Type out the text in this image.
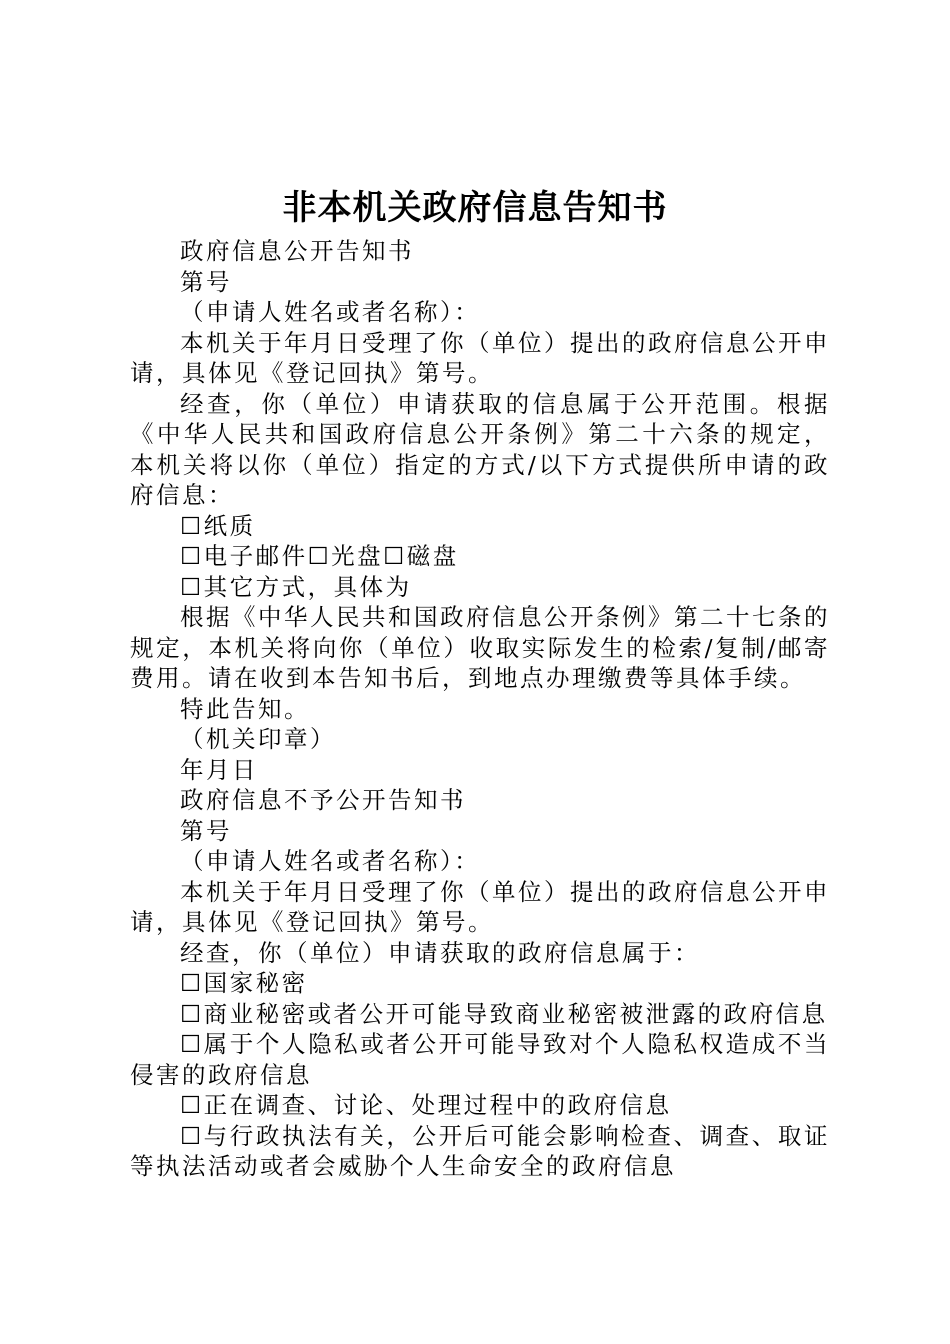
非本机关政府信息告知书

政府信息公开告知书

第号

（申请人姓名或者名称）：

本机关于年月日受理了你（单位）提出的政府信息公开申请，具体见《登记回执》第号。

经查，你（单位）申请获取的信息属于公开范围。根据《中华人民共和国政府信息公开条例》第二十六条的规定，本机关将以你（单位）指定的方式/以下方式提供所申请的政府信息：

☐纸质

☐电子邮件☐光盘☐磁盘

☐其它方式，具体为

根据《中华人民共和国政府信息公开条例》第二十七条的规定，本机关将向你（单位）收取实际发生的检索/复制/邮寄费用。请在收到本告知书后，到地点办理缴费等具体手续。

特此告知。

（机关印章）

年月日

政府信息不予公开告知书

第号

（申请人姓名或者名称）：

本机关于年月日受理了你（单位）提出的政府信息公开申请，具体见《登记回执》第号。

经查，你（单位）申请获取的政府信息属于：

☐国家秘密

☐商业秘密或者公开可能导致商业秘密被泄露的政府信息

☐属于个人隐私或者公开可能导致对个人隐私权造成不当侵害的政府信息

☐正在调查、讨论、处理过程中的政府信息

☐与行政执法有关，公开后可能会影响检查、调查、取证等执法活动或者会威胁个人生命安全的政府信息
